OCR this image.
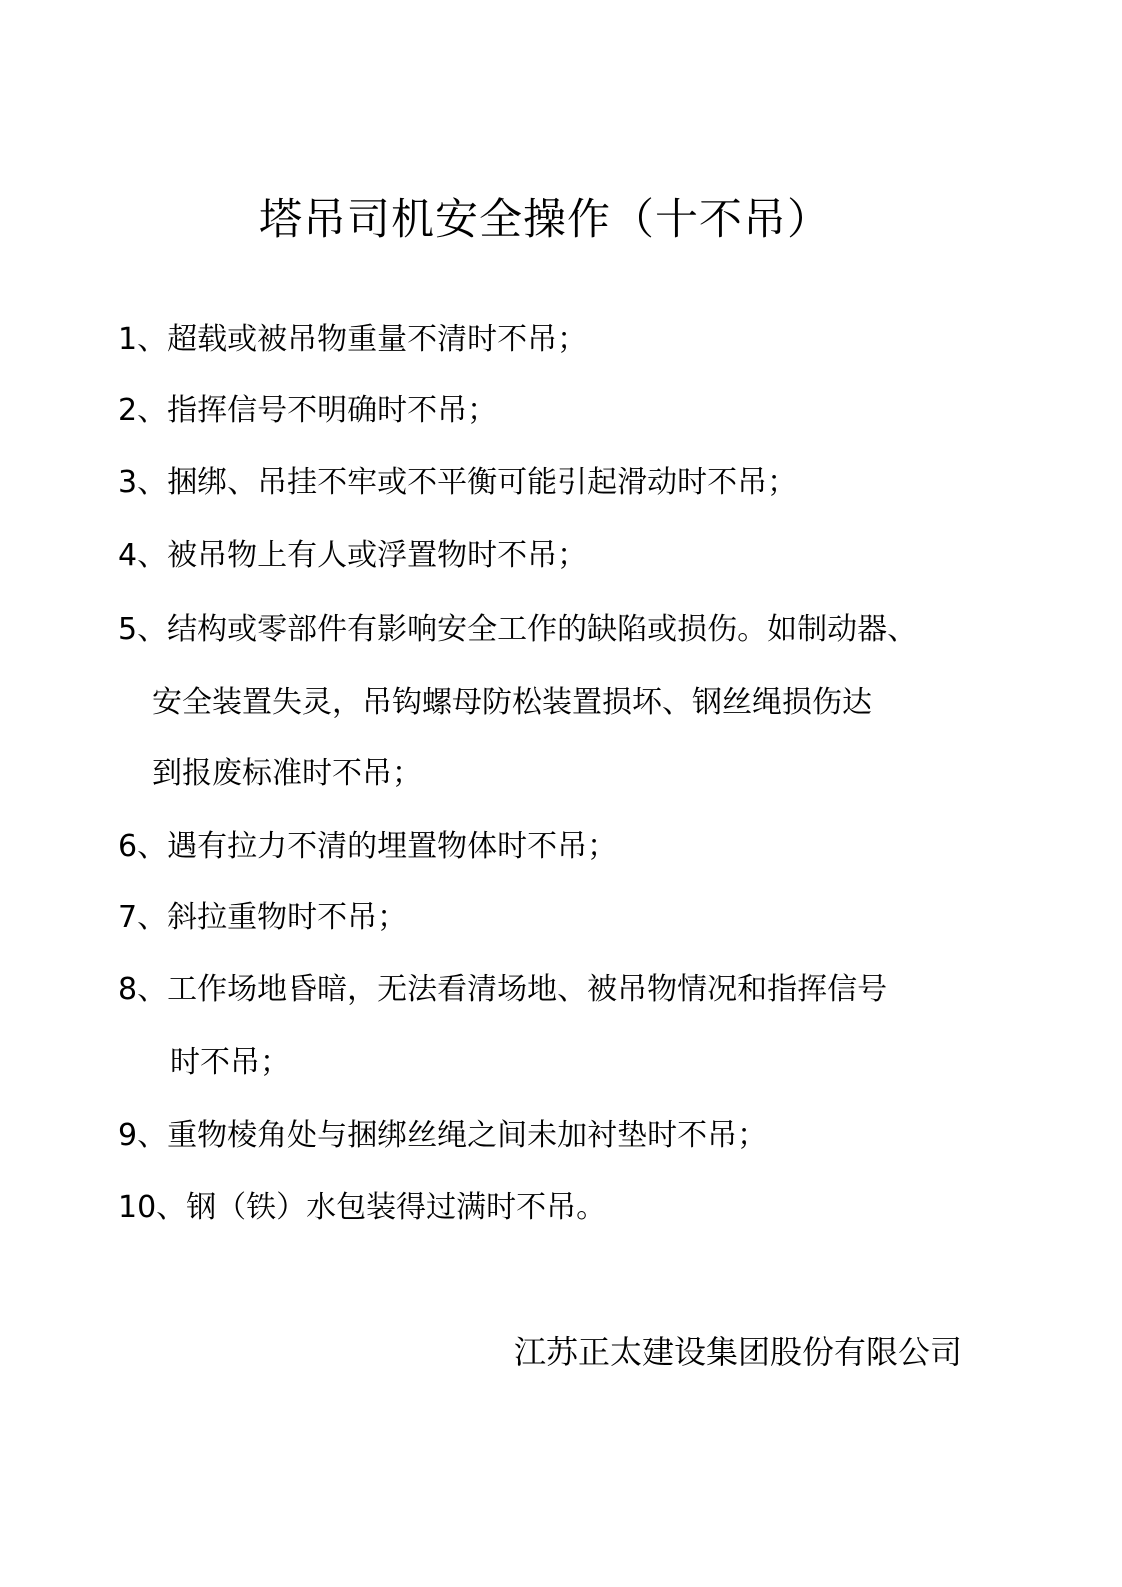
塔吊司机安全操作（十不吊）
1、超载或被吊物重量不清时不吊；
2、指挥信号不明确时不吊；
3、捆绑、吊挂不牢或不平衡可能引起滑动时不吊；
4、被吊物上有人或浮置物时不吊；
5、结构或零部件有影响安全工作的缺陷或损伤。如制动器、
安全装置失灵，吊钩螺母防松装置损坏、钢丝绳损伤达
到报废标准时不吊；
6、遇有拉力不清的埋置物体时不吊；
7、斜拉重物时不吊；
8、工作场地昏暗，无法看清场地、被吊物情况和指挥信号
时不吊；
9、重物棱角处与捆绑丝绳之间未加衬垫时不吊；
10、钢（铁）水包装得过满时不吊。
江苏正太建设集团股份有限公司
